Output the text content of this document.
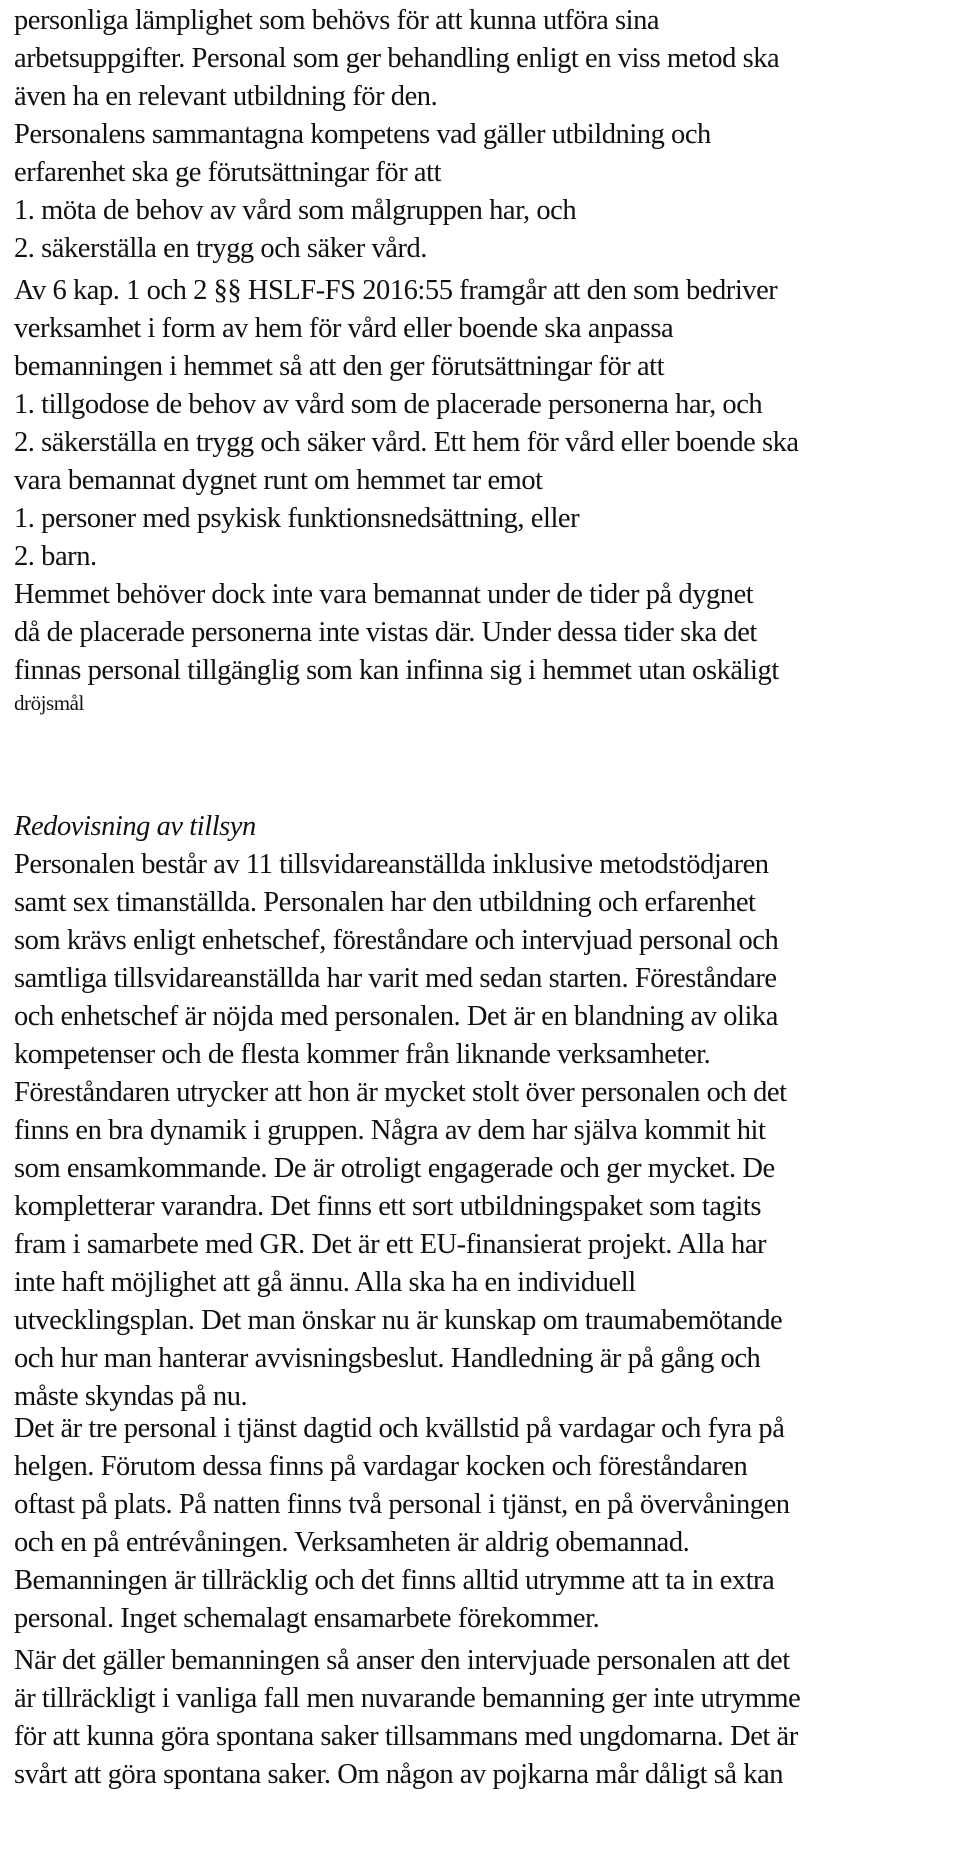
personliga lämplighet som behövs för att kunna utföra sina
arbetsuppgifter. Personal som ger behandling enligt en viss metod ska
även ha en relevant utbildning för den.
Personalens sammantagna kompetens vad gäller utbildning och
erfarenhet ska ge förutsättningar för att
1. möta de behov av vård som målgruppen har, och
2. säkerställa en trygg och säker vård.
Av 6 kap. 1 och 2 §§ HSLF-FS 2016:55 framgår att den som bedriver
verksamhet i form av hem för vård eller boende ska anpassa
bemanningen i hemmet så att den ger förutsättningar för att
1. tillgodose de behov av vård som de placerade personerna har, och
2. säkerställa en trygg och säker vård. Ett hem för vård eller boende ska
vara bemannat dygnet runt om hemmet tar emot
1. personer med psykisk funktionsnedsättning, eller
2. barn.
Hemmet behöver dock inte vara bemannat under de tider på dygnet
då de placerade personerna inte vistas där. Under dessa tider ska det
finnas personal tillgänglig som kan infinna sig i hemmet utan oskäligt
dröjsmål
Redovisning av tillsyn
Personalen består av 11 tillsvidareanställda inklusive metodstödjaren
samt sex timanställda. Personalen har den utbildning och erfarenhet
som krävs enligt enhetschef, föreståndare och intervjuad personal och
samtliga tillsvidareanställda har varit med sedan starten. Föreståndare
och enhetschef är nöjda med personalen. Det är en blandning av olika
kompetenser och de flesta kommer från liknande verksamheter.
Föreståndaren utrycker att hon är mycket stolt över personalen och det
finns en bra dynamik i gruppen. Några av dem har själva kommit hit
som ensamkommande. De är otroligt engagerade och ger mycket. De
kompletterar varandra. Det finns ett sort utbildningspaket som tagits
fram i samarbete med GR. Det är ett EU-finansierat projekt. Alla har
inte haft möjlighet att gå ännu. Alla ska ha en individuell
utvecklingsplan. Det man önskar nu är kunskap om traumabemötande
och hur man hanterar avvisningsbeslut. Handledning är på gång och
måste skyndas på nu.
Det är tre personal i tjänst dagtid och kvällstid på vardagar och fyra på
helgen. Förutom dessa finns på vardagar kocken och föreståndaren
oftast på plats. På natten finns två personal i tjänst, en på övervåningen
och en på entrévåningen. Verksamheten är aldrig obemannad.
Bemanningen är tillräcklig och det finns alltid utrymme att ta in extra
personal. Inget schemalagt ensamarbete förekommer.
När det gäller bemanningen så anser den intervjuade personalen att det
är tillräckligt i vanliga fall men nuvarande bemanning ger inte utrymme
för att kunna göra spontana saker tillsammans med ungdomarna. Det är
svårt att göra spontana saker. Om någon av pojkarna mår dåligt så kan
